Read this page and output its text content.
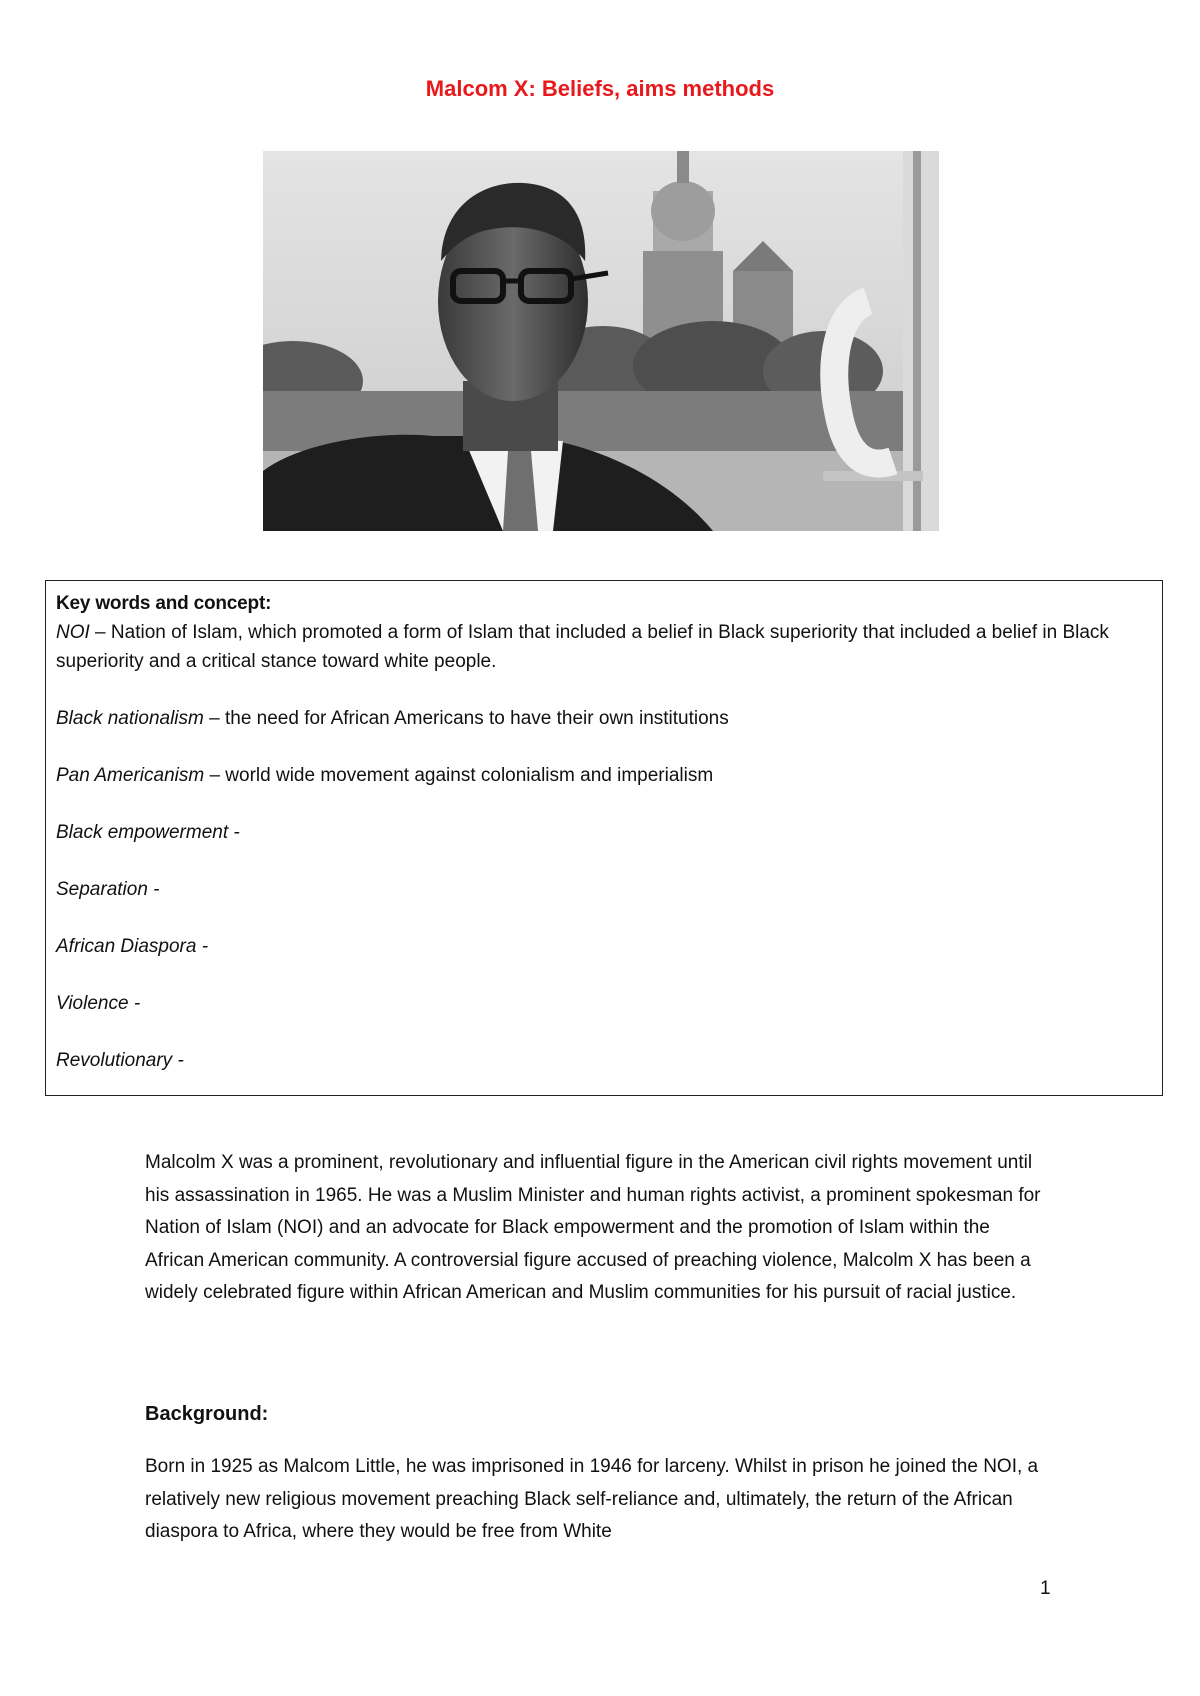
Malcom X: Beliefs, aims methods

Key words and concept:

NOI – Nation of Islam, which promoted a form of Islam that included a belief in Black superiority that included a belief in Black superiority and a critical stance toward white people.

Black nationalism – the need for African Americans to have their own institutions

Pan Americanism – world wide movement against colonialism and imperialism

Black empowerment -

Separation -

African Diaspora -

Violence -

Revolutionary -

Malcolm X was a prominent, revolutionary and influential figure in the American civil rights movement until his assassination in 1965. He was a Muslim Minister and human rights activist, a prominent spokesman for Nation of Islam (NOI) and an advocate for Black empowerment and the promotion of Islam within the African American community. A controversial figure accused of preaching violence, Malcolm X has been a widely celebrated figure within African American and Muslim communities for his pursuit of racial justice.

Background:

Born in 1925 as Malcom Little, he was imprisoned in 1946 for larceny. Whilst in prison he joined the NOI, a relatively new religious movement preaching Black self-reliance and, ultimately, the return of the African diaspora to Africa, where they would be free from White

1
